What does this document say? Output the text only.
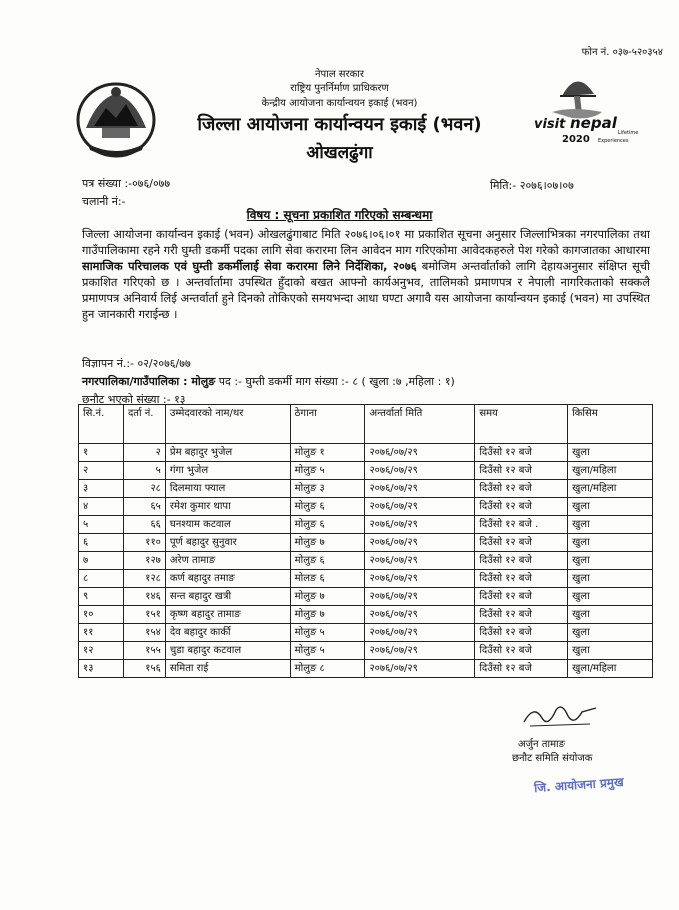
फोन नं. ०३७-५२०३५४
visit nepal
Lifetime
2020 Experiences
नेपाल सरकार
राष्ट्रिय पुनर्निर्माण प्राधिकरण
केन्द्रीय आयोजना कार्यान्वयन इकाई (भवन)
जिल्ला आयोजना कार्यान्वयन इकाई (भवन)
ओखलढुंगा
पत्र संख्या :-०७६/०७७
चलानी नं:-
मिति:- २०७६।०७।०७
विषय : सूचना प्रकाशित गरिएको सम्बन्धमा
जिल्ला आयोजना कार्यान्वन इकाई (भवन) ओखलढुंगाबाट मिति २०७६।०६।०१ मा प्रकाशित सूचना अनुसार जिल्लाभित्रका नगरपालिका तथा गाउँपालिकामा रहने गरी घुम्ती डकर्मी पदका लागि सेवा करारमा लिन आवेदन माग गरिएकोमा आवेदकहरुले पेश गरेको कागजातका आधारमा सामाजिक परिचालक एवं घुम्ती डकर्मीलाई सेवा करारमा लिने निर्देशिका, २०७६ बमोजिम अन्तर्वार्ताको लागि देहायअनुसार संक्षिप्त सूची प्रकाशित गरिएको छ । अन्तर्वार्तामा उपस्थित हुँदाको बखत आफ्नो कार्यअनुभव, तालिमको प्रमाणपत्र र नेपाली नागरिकताको सक्कलै प्रमाणपत्र अनिवार्य लिई अन्तर्वार्ता हुने दिनको तोकिएको समयभन्दा आधा घण्टा अगावै यस आयोजना कार्यान्वयन इकाई (भवन) मा उपस्थित हुन जानकारी गराईन्छ ।
विज्ञापन नं.:- ०२/२०७६/७७
नगरपालिका/गाउँपालिका : मोलुङ पद :- घुम्ती डकर्मी माग संख्या :- ८ ( खुला :७ ,महिला : १)
छनौट भएको संख्या :- १३
सि.नं.	दर्ता नं.	उम्मेदवारको नाम/थर	ठेगाना	अन्तर्वार्ता मिति	समय	किसिम
१	२	प्रेम बहादुर भुजेल	मोलुङ १	२०७६/०७/२९	दिउँसो १२ बजे	खुला
२	५	गंगा भुजेल	मोलुङ ५	२०७६/०७/२९	दिउँसो १२ बजे	खुला/महिला
३	२८	दिलमाया फ्याल	मोलुङ ३	२०७६/०७/२९	दिउँसो १२ बजे	खुला/महिला
४	६५	रमेश कुमार थापा	मोलुङ ६	२०७६/०७/२९	दिउँसो १२ बजे	खुला
५	६६	घनश्याम कटवाल	मोलुङ ६	२०७६/०७/२९	दिउँसो १२ बजे .	खुला
६	११०	पूर्ण बहादुर सुनुवार	मोलुङ ७	२०७६/०७/२९	दिउँसो १२ बजे	खुला
७	१२७	अरेण तामाङ	मोलुङ ६	२०७६/०७/२९	दिउँसो १२ बजे	खुला
८	१२८	कर्ण बहादुर तमाङ	मोलङ ६	२०७६/०७/२९	दिउँसो १२ बजे	खुला
९	१४६	सन्त बहादुर खत्री	मोलुङ ७	२०७६/०७/२९	दिउँसो १२ बजे	खुला
१०	१५१	कृष्ण बहादुर तामाङ	मोलुङ ७	२०७६/०७/२९	दिउँसो १२ बजे	खुला
११	१५४	देव बहादुर कार्की	मोलुङ ५	२०७६/०७/२९	दिउँसो १२ बजे	खुला
१२	१५५	चुडा बहादुर कटवाल	मोलुङ ५	२०७६/०७/२९	दिउँसो १२ बजे	खुला
१३	१५६	समिता राई	मोलुङ ८	२०७६/०७/२९	दिउँसो १२ बजे	खुला/महिला
अर्जुन तामाङ
छनौट समिति संयोजक
जि. आयोजना प्रमुख
